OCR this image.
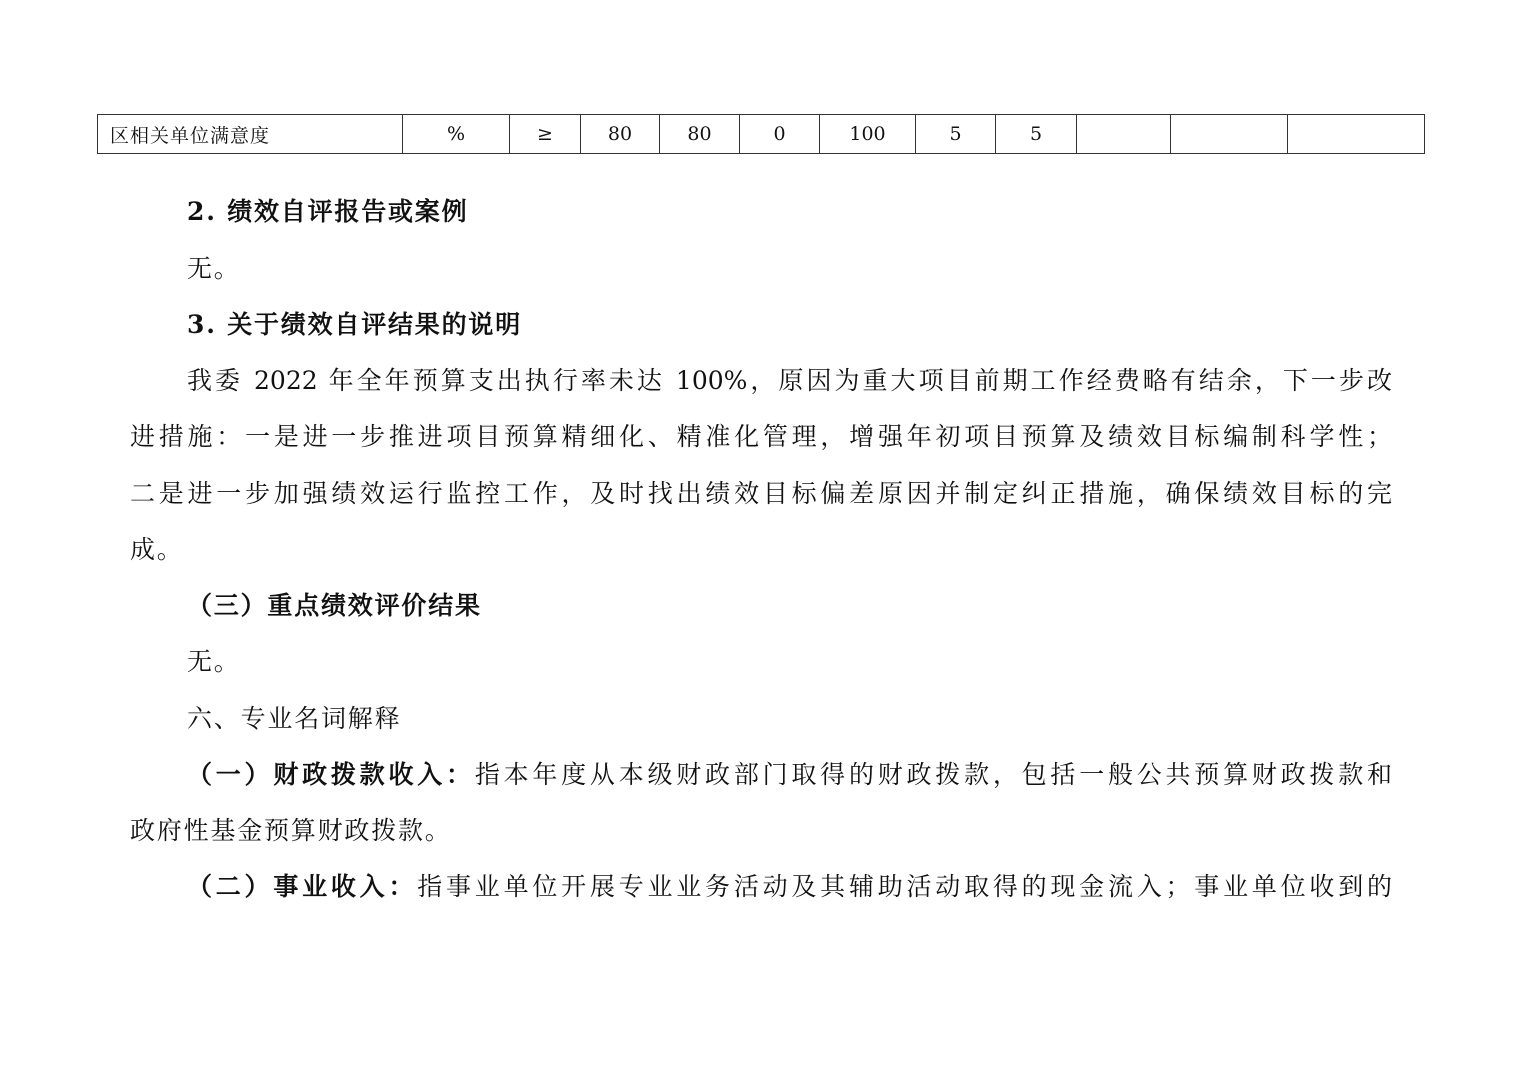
区相关单位满意度	%	≥	80	80	0	100	5	5			
2. 绩效自评报告或案例
无。
3. 关于绩效自评结果的说明
我委 2022 年全年预算支出执行率未达 100%，原因为重大项目前期工作经费略有结余，下一步改
进措施：一是进一步推进项目预算精细化、精准化管理，增强年初项目预算及绩效目标编制科学性；
二是进一步加强绩效运行监控工作，及时找出绩效目标偏差原因并制定纠正措施，确保绩效目标的完
成。
（三）重点绩效评价结果
无。
六、专业名词解释
（一）财政拨款收入：指本年度从本级财政部门取得的财政拨款，包括一般公共预算财政拨款和
政府性基金预算财政拨款。
（二）事业收入：指事业单位开展专业业务活动及其辅助活动取得的现金流入；事业单位收到的
